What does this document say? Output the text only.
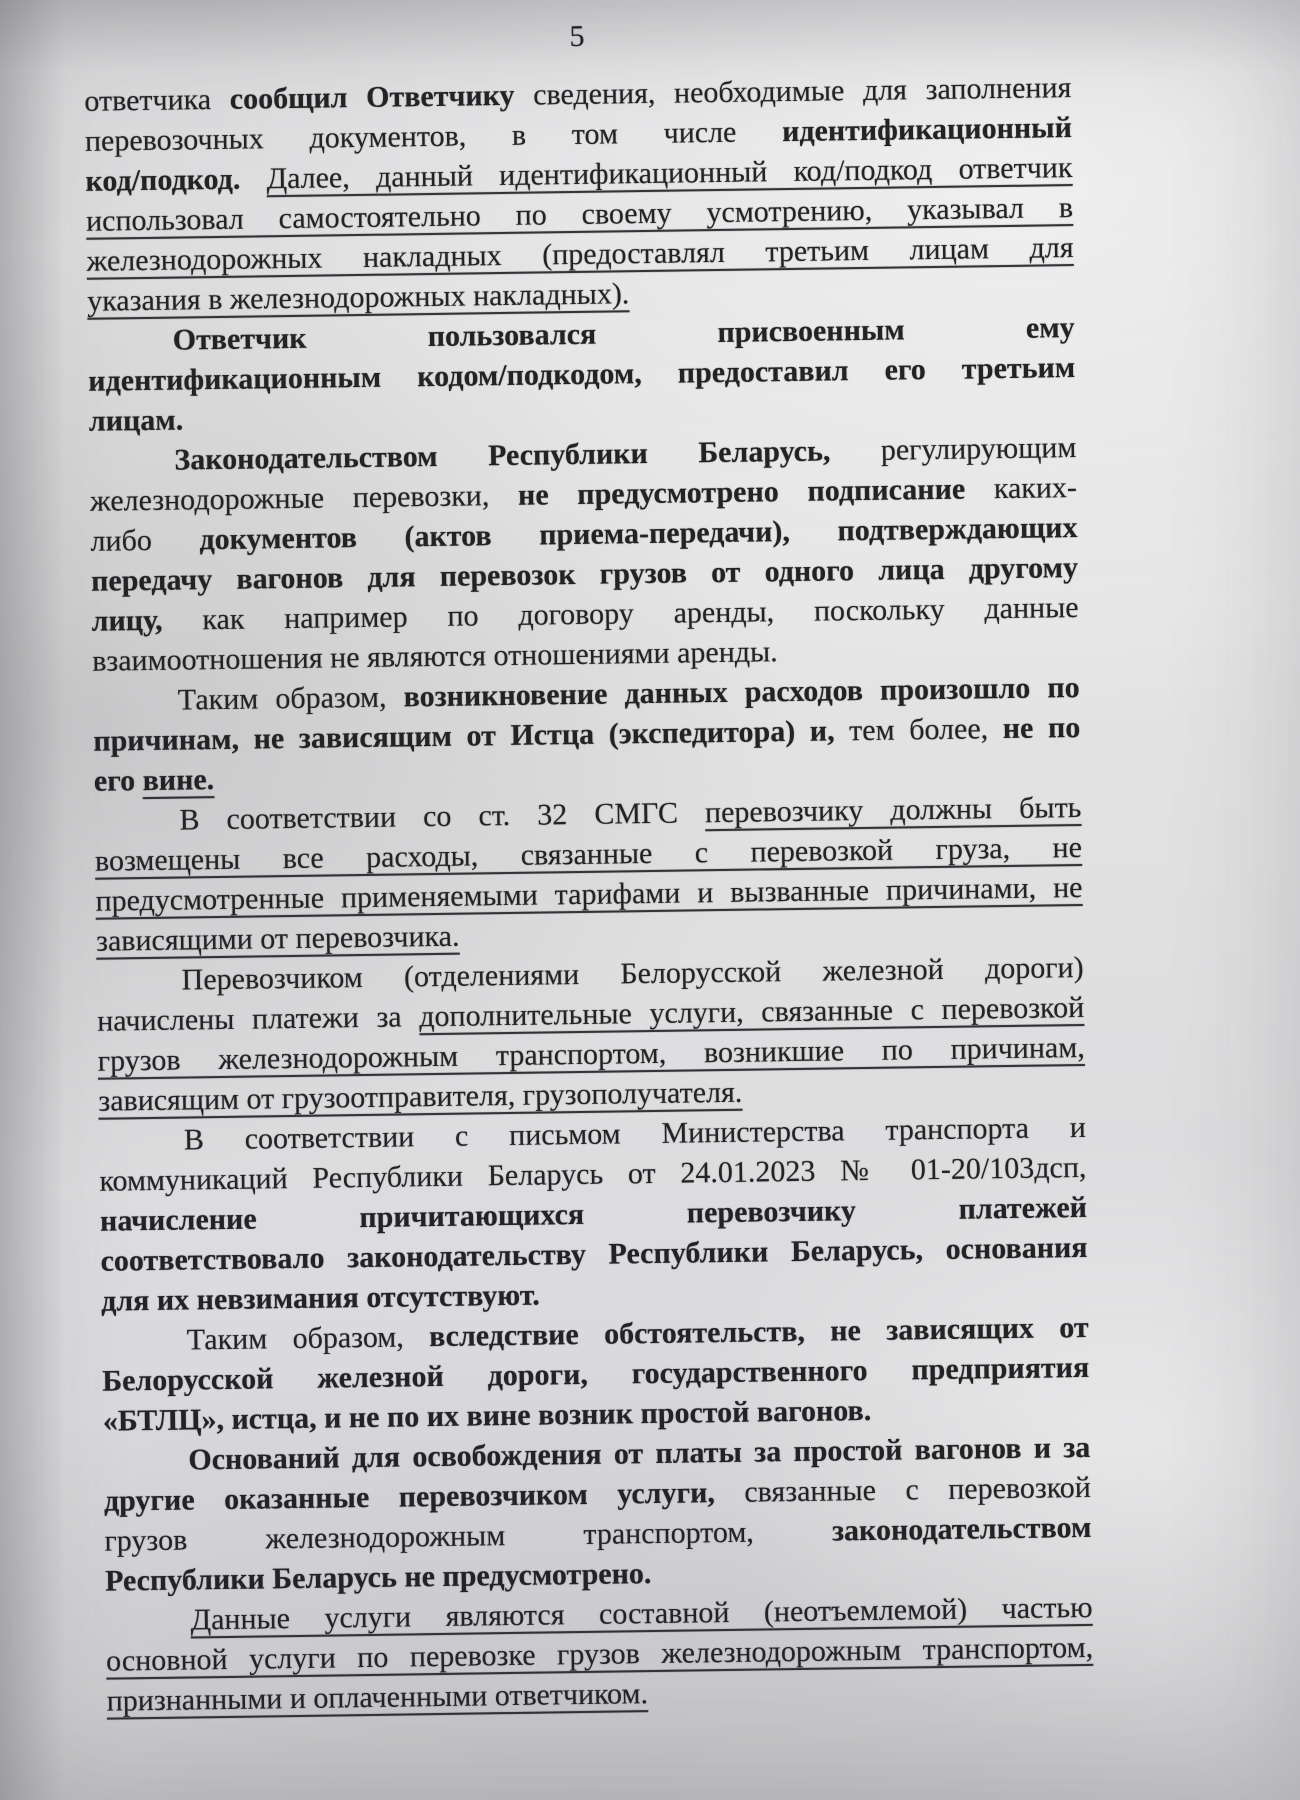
5
ответчика сообщил Ответчику сведения, необходимые для заполнения
перевозочных документов, в том числе идентификационный
код/подкод. Далее, данный идентификационный код/подкод ответчик
использовал самостоятельно по своему усмотрению, указывал в
железнодорожных накладных (предоставлял третьим лицам для
указания в железнодорожных накладных).
Ответчик пользовался присвоенным ему
идентификационным кодом/подкодом, предоставил его третьим
лицам.
Законодательством Республики Беларусь, регулирующим
железнодорожные перевозки, не предусмотрено подписание каких-
либо документов (актов приема-передачи), подтверждающих
передачу вагонов для перевозок грузов от одного лица другому
лицу, как например по договору аренды, поскольку данные
взаимоотношения не являются отношениями аренды.
Таким образом, возникновение данных расходов произошло по
причинам, не зависящим от Истца (экспедитора) и, тем более, не по
его вине.
В соответствии со ст. 32 СМГС перевозчику должны быть
возмещены все расходы, связанные с перевозкой груза, не
предусмотренные применяемыми тарифами и вызванные причинами, не
зависящими от перевозчика.
Перевозчиком (отделениями Белорусской железной дороги)
начислены платежи за дополнительные услуги, связанные с перевозкой
грузов железнодорожным транспортом, возникшие по причинам,
зависящим от грузоотправителя, грузополучателя.
В соответствии с письмом Министерства транспорта и
коммуникаций Республики Беларусь от 24.01.2023 № 01-20/103дсп,
начисление причитающихся перевозчику платежей
соответствовало законодательству Республики Беларусь, основания
для их невзимания отсутствуют.
Таким образом, вследствие обстоятельств, не зависящих от
Белорусской железной дороги, государственного предприятия
«БТЛЦ», истца, и не по их вине возник простой вагонов.
Оснований для освобождения от платы за простой вагонов и за
другие оказанные перевозчиком услуги, связанные с перевозкой
грузов железнодорожным транспортом, законодательством
Республики Беларусь не предусмотрено.
Данные услуги являются составной (неотъемлемой) частью
основной услуги по перевозке грузов железнодорожным транспортом,
признанными и оплаченными ответчиком.
